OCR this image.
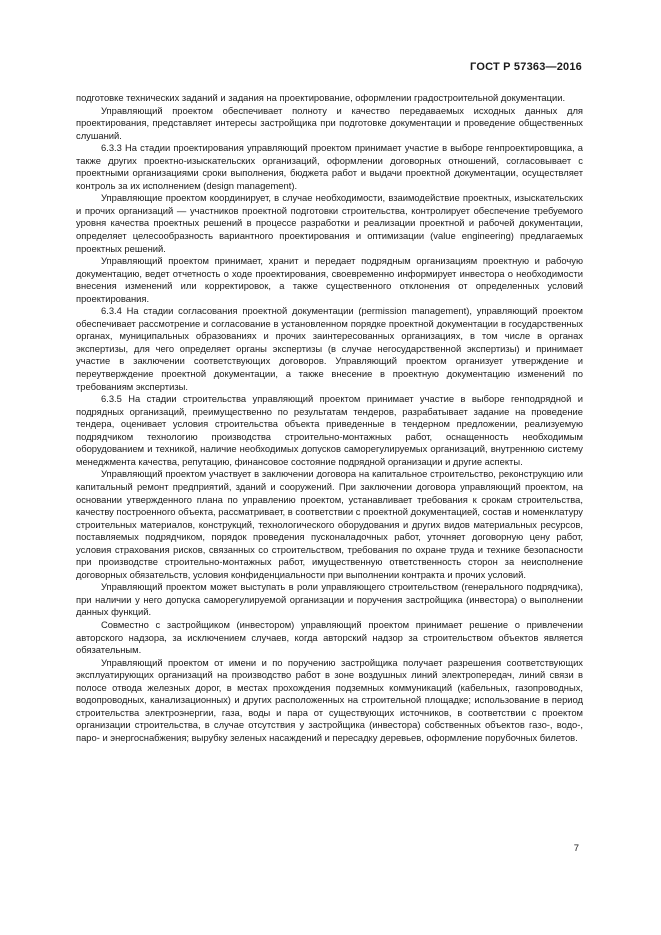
ГОСТ Р 57363—2016

подготовке технических заданий и задания на проектирование, оформлении градостроительной документации.

Управляющий проектом обеспечивает полноту и качество передаваемых исходных данных для проектирования, представляет интересы застройщика при подготовке документации и проведение общественных слушаний.

6.3.3 На стадии проектирования управляющий проектом принимает участие в выборе генпроектировщика, а также других проектно-изыскательских организаций, оформлении договорных отношений, согласовывает с проектными организациями сроки выполнения, бюджета работ и выдачи проектной документации, осуществляет контроль за их исполнением (design management).

Управляющие проектом координирует, в случае необходимости, взаимодействие проектных, изыскательских и прочих организаций — участников проектной подготовки строительства, контролирует обеспечение требуемого уровня качества проектных решений в процессе разработки и реализации проектной и рабочей документации, определяет целесообразность вариантного проектирования и оптимизации (value engineering) предлагаемых проектных решений.

Управляющий проектом принимает, хранит и передает подрядным организациям проектную и рабочую документацию, ведет отчетность о ходе проектирования, своевременно информирует инвестора о необходимости внесения изменений или корректировок, а также существенного отклонения от определенных условий проектирования.

6.3.4 На стадии согласования проектной документации (permission management), управляющий проектом обеспечивает рассмотрение и согласование в установленном порядке проектной документации в государственных органах, муниципальных образованиях и прочих заинтересованных организациях, в том числе в органах экспертизы, для чего определяет органы экспертизы (в случае негосударственной экспертизы) и принимает участие в заключении соответствующих договоров. Управляющий проектом организует утверждение и переутверждение проектной документации, а также внесение в проектную документацию изменений по требованиям экспертизы.

6.3.5 На стадии строительства управляющий проектом принимает участие в выборе генподрядной и подрядных организаций, преимущественно по результатам тендеров, разрабатывает задание на проведение тендера, оценивает условия строительства объекта приведенные в тендерном предложении, реализуемую подрядчиком технологию производства строительно-монтажных работ, оснащенность необходимым оборудованием и техникой, наличие необходимых допусков саморегулируемых организаций, внутреннюю систему менеджмента качества, репутацию, финансовое состояние подрядной организации и другие аспекты.

Управляющий проектом участвует в заключении договора на капитальное строительство, реконструкцию или капитальный ремонт предприятий, зданий и сооружений. При заключении договора управляющий проектом, на основании утвержденного плана по управлению проектом, устанавливает требования к срокам строительства, качеству построенного объекта, рассматривает, в соответствии с проектной документацией, состав и номенклатуру строительных материалов, конструкций, технологического оборудования и других видов материальных ресурсов, поставляемых подрядчиком, порядок проведения пусконаладочных работ, уточняет договорную цену работ, условия страхования рисков, связанных со строительством, требования по охране труда и технике безопасности при производстве строительно-монтажных работ, имущественную ответственность сторон за неисполнение договорных обязательств, условия конфиденциальности при выполнении контракта и прочих условий.

Управляющий проектом может выступать в роли управляющего строительством (генерального подрядчика), при наличии у него допуска саморегулируемой организации и поручения застройщика (инвестора) о выполнении данных функций.

Совместно с застройщиком (инвестором) управляющий проектом принимает решение о привлечении авторского надзора, за исключением случаев, когда авторский надзор за строительством объектов является обязательным.

Управляющий проектом от имени и по поручению застройщика получает разрешения соответствующих эксплуатирующих организаций на производство работ в зоне воздушных линий электропередач, линий связи в полосе отвода железных дорог, в местах прохождения подземных коммуникаций (кабельных, газопроводных, водопроводных, канализационных) и других расположенных на строительной площадке; использование в период строительства электроэнергии, газа, воды и пара от существующих источников, в соответствии с проектом организации строительства, в случае отсутствия у застройщика (инвестора) собственных объектов газо-, водо-, паро- и энергоснабжения; вырубку зеленых насаждений и пересадку деревьев, оформление порубочных билетов.

7
